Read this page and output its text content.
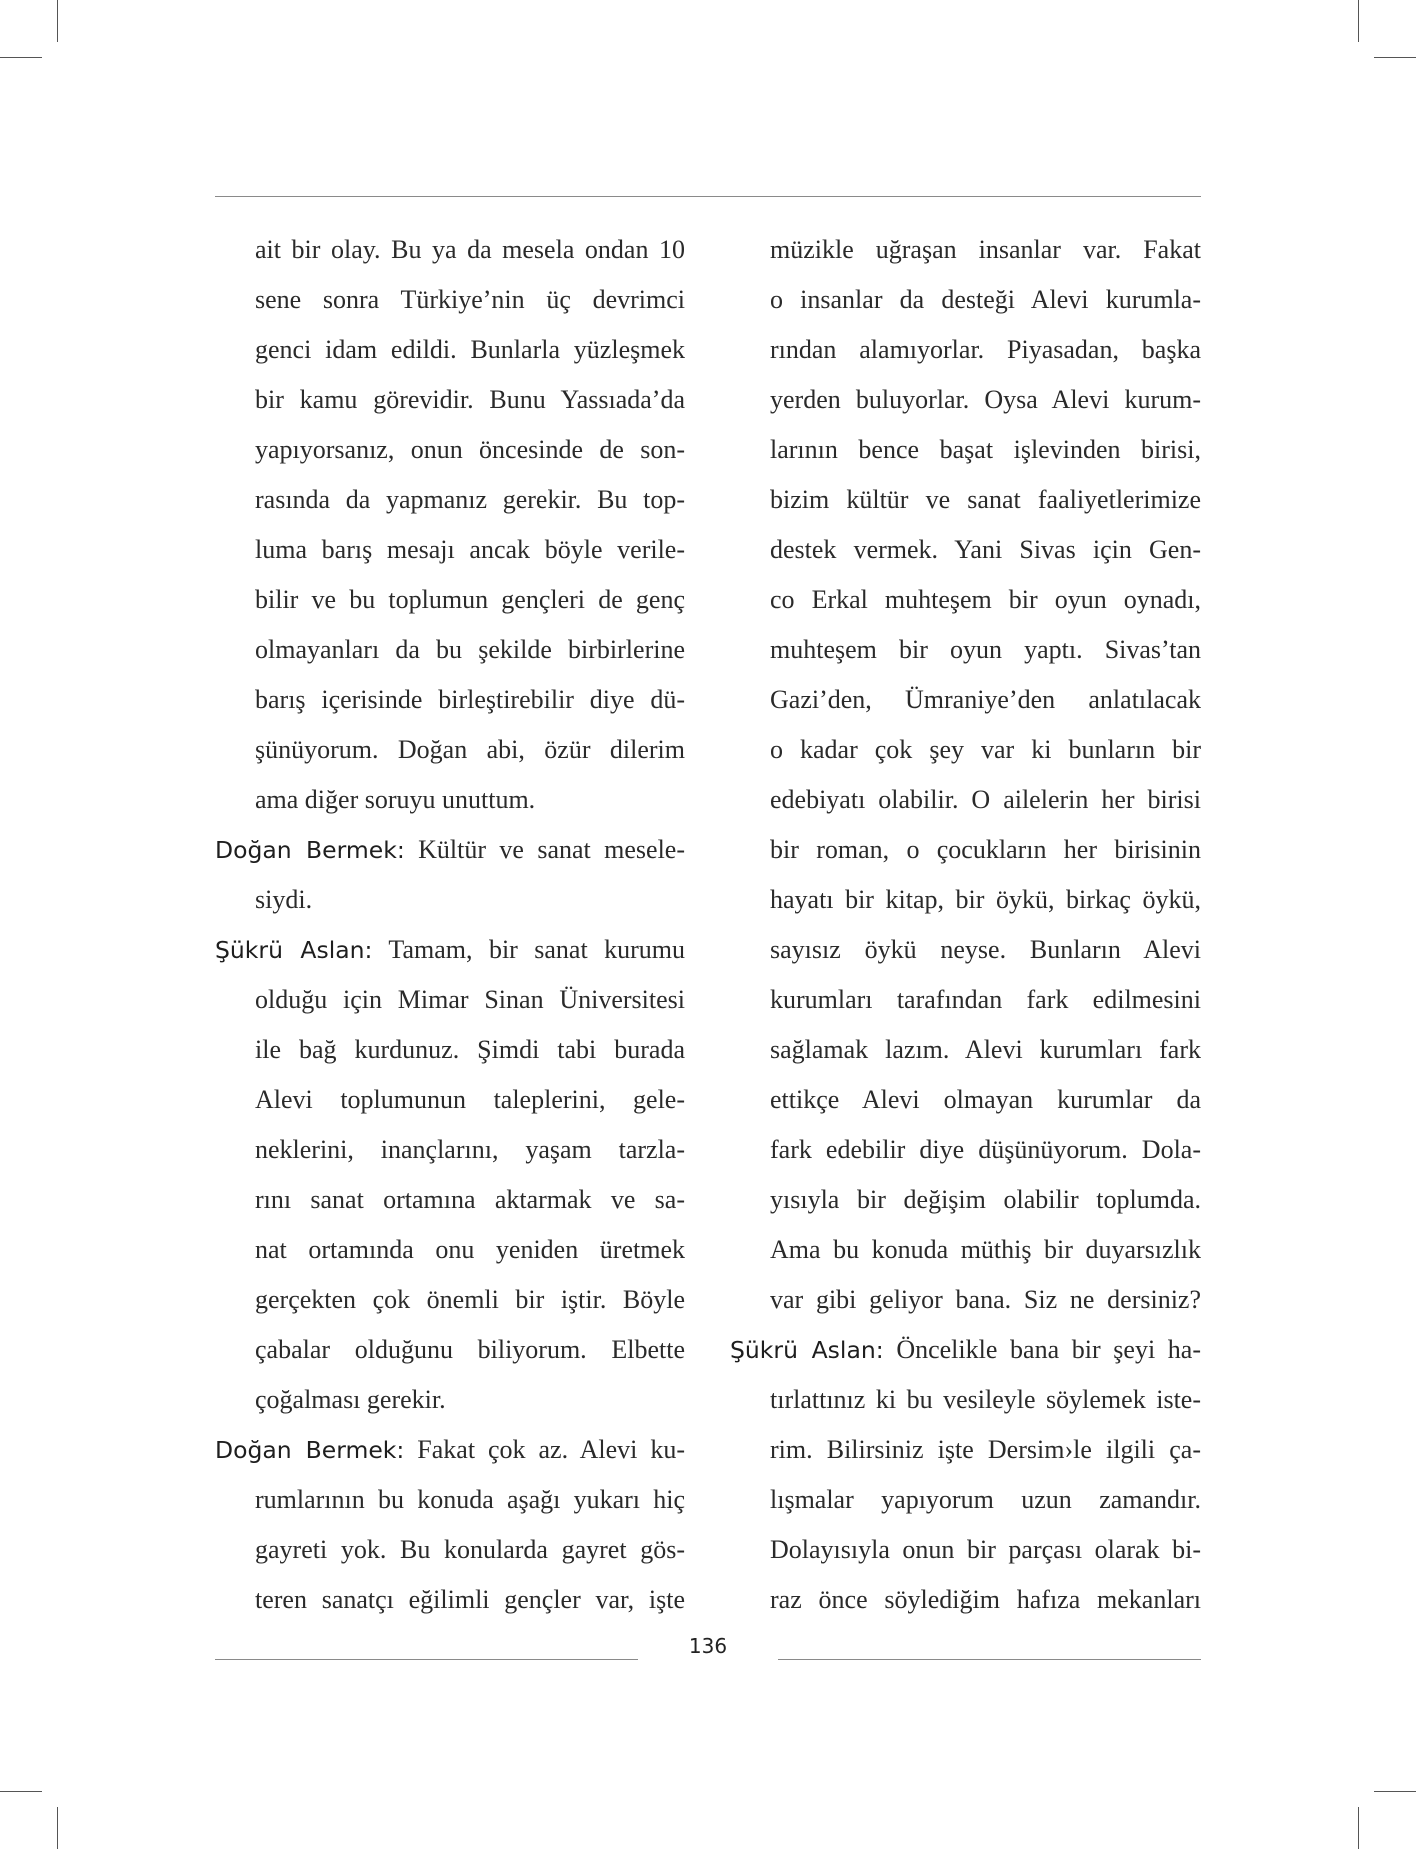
ait bir olay. Bu ya da mesela ondan 10
sene sonra Türkiye’nin üç devrimci
genci idam edildi. Bunlarla yüzleşmek
bir kamu görevidir. Bunu Yassıada’da
yapıyorsanız, onun öncesinde de son-
rasında da yapmanız gerekir. Bu top-
luma barış mesajı ancak böyle verile-
bilir ve bu toplumun gençleri de genç
olmayanları da bu şekilde birbirlerine
barış içerisinde birleştirebilir diye dü-
şünüyorum. Doğan abi, özür dilerim
ama diğer soruyu unuttum.
Doğan Bermek: Kültür ve sanat mesele-
siydi.
Şükrü Aslan: Tamam, bir sanat kurumu
olduğu için Mimar Sinan Üniversitesi
ile bağ kurdunuz. Şimdi tabi burada
Alevi toplumunun taleplerini, gele-
neklerini, inançlarını, yaşam tarzla-
rını sanat ortamına aktarmak ve sa-
nat ortamında onu yeniden üretmek
gerçekten çok önemli bir iştir. Böyle
çabalar olduğunu biliyorum. Elbette
çoğalması gerekir.
Doğan Bermek: Fakat çok az. Alevi ku-
rumlarının bu konuda aşağı yukarı hiç
gayreti yok. Bu konularda gayret gös-
teren sanatçı eğilimli gençler var, işte
müzikle uğraşan insanlar var. Fakat
o insanlar da desteği Alevi kurumla-
rından alamıyorlar. Piyasadan, başka
yerden buluyorlar. Oysa Alevi kurum-
larının bence başat işlevinden birisi,
bizim kültür ve sanat faaliyetlerimize
destek vermek. Yani Sivas için Gen-
co Erkal muhteşem bir oyun oynadı,
muhteşem bir oyun yaptı. Sivas’tan
Gazi’den, Ümraniye’den anlatılacak
o kadar çok şey var ki bunların bir
edebiyatı olabilir. O ailelerin her birisi
bir roman, o çocukların her birisinin
hayatı bir kitap, bir öykü, birkaç öykü,
sayısız öykü neyse. Bunların Alevi
kurumları tarafından fark edilmesini
sağlamak lazım. Alevi kurumları fark
ettikçe Alevi olmayan kurumlar da
fark edebilir diye düşünüyorum. Dola-
yısıyla bir değişim olabilir toplumda.
Ama bu konuda müthiş bir duyarsızlık
var gibi geliyor bana. Siz ne dersiniz?
Şükrü Aslan: Öncelikle bana bir şeyi ha-
tırlattınız ki bu vesileyle söylemek iste-
rim. Bilirsiniz işte Dersim›le ilgili ça-
lışmalar yapıyorum uzun zamandır.
Dolayısıyla onun bir parçası olarak bi-
raz önce söylediğim hafıza mekanları
136
